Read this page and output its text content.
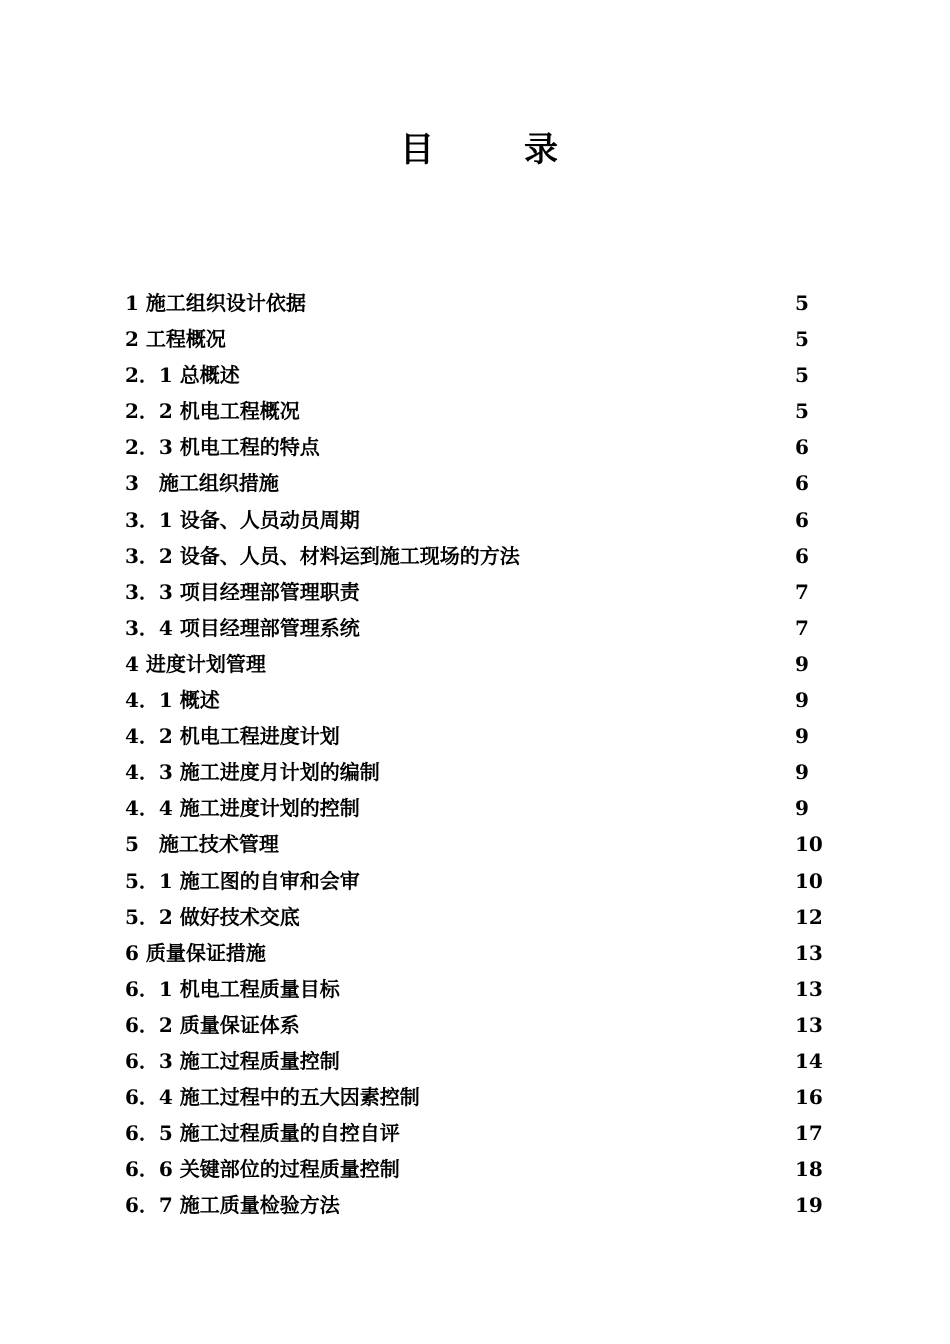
目　录
1 施工组织设计依据	5
2 工程概况	5
2．1 总概述	5
2．2 机电工程概况	5
2．3 机电工程的特点	6
3　施工组织措施	6
3．1 设备、人员动员周期	6
3．2 设备、人员、材料运到施工现场的方法	6
3．3 项目经理部管理职责	7
3．4 项目经理部管理系统	7
4 进度计划管理	9
4．1 概述	9
4．2 机电工程进度计划	9
4．3 施工进度月计划的编制	9
4．4 施工进度计划的控制	9
5　施工技术管理	10
5．1 施工图的自审和会审	10
5．2 做好技术交底	12
6 质量保证措施	13
6．1 机电工程质量目标	13
6．2 质量保证体系	13
6．3 施工过程质量控制	14
6．4 施工过程中的五大因素控制	16
6．5 施工过程质量的自控自评	17
6．6 关键部位的过程质量控制	18
6．7 施工质量检验方法	19
